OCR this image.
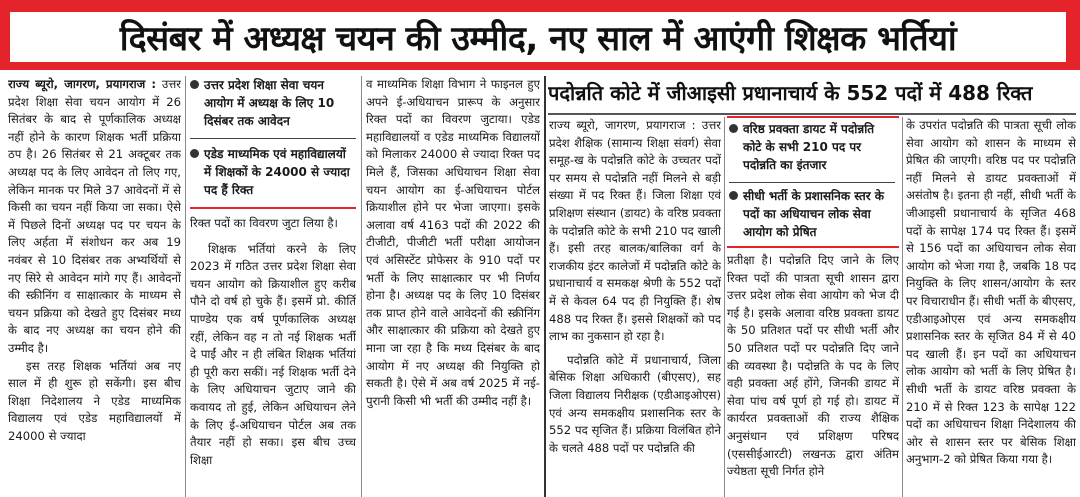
दिसंबर में अध्यक्ष चयन की उम्मीद, नए साल में आएंगी शिक्षक भर्तियां

राज्य ब्यूरो, जागरण, प्रयागराज : उत्तर प्रदेश शिक्षा सेवा चयन आयोग में 26 सितंबर के बाद से पूर्णकालिक अध्यक्ष नहीं होने के कारण शिक्षक भर्ती प्रक्रिया ठप है। 26 सितंबर से 21 अक्टूबर तक अध्यक्ष पद के लिए आवेदन तो लिए गए, लेकिन मानक पर मिले 37 आवेदनों में से किसी का चयन नहीं किया जा सका। ऐसे में पिछले दिनों अध्यक्ष पद पर चयन के लिए अर्हता में संशोधन कर अब 19 नवंबर से 10 दिसंबर तक अभ्यर्थियों से नए सिरे से आवेदन मांगे गए हैं। आवेदनों की स्क्रीनिंग व साक्षात्कार के माध्यम से चयन प्रक्रिया को देखते हुए दिसंबर मध्य के बाद नए अध्यक्ष का चयन होने की उम्मीद है।

इस तरह शिक्षक भर्तियां अब नए साल में ही शुरू हो सकेंगी। इस बीच शिक्षा निदेशालय ने एडेड माध्यमिक विद्यालय एवं एडेड महाविद्यालयों में 24000 से ज्यादा

उत्तर प्रदेश शिक्षा सेवा चयन आयोग में अध्यक्ष के लिए 10 दिसंबर तक आवेदन
एडेड माध्यमिक एवं महाविद्यालयों में शिक्षकों के 24000 से ज्यादा पद हैं रिक्त

रिक्त पदों का विवरण जुटा लिया है।

शिक्षक भर्तियां करने के लिए 2023 में गठित उत्तर प्रदेश शिक्षा सेवा चयन आयोग को क्रियाशील हुए करीब पौने दो वर्ष हो चुके हैं। इसमें प्रो. कीर्ति पाण्डेय एक वर्ष पूर्णकालिक अध्यक्ष रहीं, लेकिन वह न तो नई शिक्षक भर्ती दे पाईं और न ही लंबित शिक्षक भर्तियां ही पूरी करा सकीं। नई शिक्षक भर्ती देने के लिए अधियाचन जुटाए जाने की कवायद तो हुई, लेकिन अधियाचन लेने के लिए ई-अधियाचन पोर्टल अब तक तैयार नहीं हो सका। इस बीच उच्च शिक्षा

व माध्यमिक शिक्षा विभाग ने फाइनल हुए अपने ई-अधियाचन प्रारूप के अनुसार रिक्त पदों का विवरण जुटाया। एडेड महाविद्यालयों व एडेड माध्यमिक विद्यालयों को मिलाकर 24000 से ज्यादा रिक्त पद मिले हैं, जिसका अधियाचन शिक्षा सेवा चयन आयोग का ई-अधियाचन पोर्टल क्रियाशील होने पर भेजा जाएगा। इसके अलावा वर्ष 4163 पदों की 2022 की टीजीटी, पीजीटी भर्ती परीक्षा आयोजन एवं असिस्टेंट प्रोफेसर के 910 पदों पर भर्ती के लिए साक्षात्कार पर भी निर्णय होना है। अध्यक्ष पद के लिए 10 दिसंबर तक प्राप्त होने वाले आवेदनों की स्क्रीनिंग और साक्षात्कार की प्रक्रिया को देखते हुए माना जा रहा है कि मध्य दिसंबर के बाद आयोग में नए अध्यक्ष की नियुक्ति हो सकती है। ऐसे में अब वर्ष 2025 में नई-पुरानी किसी भी भर्ती की उम्मीद नहीं है।

पदोन्नति कोटे में जीआइसी प्रधानाचार्य के 552 पदों में 488 रिक्त

राज्य ब्यूरो, जागरण, प्रयागराज : उत्तर प्रदेश शैक्षिक (सामान्य शिक्षा संवर्ग) सेवा समूह-ख के पदोन्नति कोटे के उच्चतर पदों पर समय से पदोन्नति नहीं मिलने से बड़ी संख्या में पद रिक्त हैं। जिला शिक्षा एवं प्रशिक्षण संस्थान (डायट) के वरिष्ठ प्रवक्ता के पदोन्नति कोटे के सभी 210 पद खाली हैं। इसी तरह बालक/बालिका वर्ग के राजकीय इंटर कालेजों में पदोन्नति कोटे के प्रधानाचार्य व समकक्ष श्रेणी के 552 पदों में से केवल 64 पद ही नियुक्ति हैं। शेष 488 पद रिक्त हैं। इससे शिक्षकों को पद लाभ का नुकसान हो रहा है।

पदोन्नति कोटे में प्रधानाचार्य, जिला बेसिक शिक्षा अधिकारी (बीएसए), सह जिला विद्यालय निरीक्षक (एडीआइओएस) एवं अन्य समकक्षीय प्रशासनिक स्तर के 552 पद सृजित हैं। प्रक्रिया विलंबित होने के चलते 488 पदों पर पदोन्नति की

वरिष्ठ प्रवक्ता डायट में पदोन्नति कोटे के सभी 210 पद पर पदोन्नति का इंतजार
सीधी भर्ती के प्रशासनिक स्तर के पदों का अधियाचन लोक सेवा आयोग को प्रेषित

प्रतीक्षा है। पदोन्नति दिए जाने के लिए रिक्त पदों की पात्रता सूची शासन द्वारा उत्तर प्रदेश लोक सेवा आयोग को भेज दी गई है। इसके अलावा वरिष्ठ प्रवक्ता डायट के 50 प्रतिशत पदों पर सीधी भर्ती और 50 प्रतिशत पदों पर पदोन्नति दिए जाने की व्यवस्था है। पदोन्नति के पद के लिए वही प्रवक्ता अर्ह होंगे, जिनकी डायट में सेवा पांच वर्ष पूर्ण हो गई हो। डायट में कार्यरत प्रवक्ताओं की राज्य शैक्षिक अनुसंधान एवं प्रशिक्षण परिषद (एससीईआरटी) लखनऊ द्वारा अंतिम ज्येष्ठता सूची निर्गत होने

के उपरांत पदोन्नति की पात्रता सूची लोक सेवा आयोग को शासन के माध्यम से प्रेषित की जाएगी। वरिष्ठ पद पर पदोन्नति नहीं मिलने से डायट प्रवक्ताओं में असंतोष है। इतना ही नहीं, सीधी भर्ती के जीआइसी प्रधानाचार्य के सृजित 468 पदों के सापेक्ष 174 पद रिक्त हैं। इसमें से 156 पदों का अधियाचन लोक सेवा आयोग को भेजा गया है, जबकि 18 पद नियुक्ति के लिए शासन/आयोग के स्तर पर विचाराधीन हैं। सीधी भर्ती के बीएसए, एडीआइओएस एवं अन्य समकक्षीय प्रशासनिक स्तर के सृजित 84 में से 40 पद खाली हैं। इन पदों का अधियाचन लोक आयोग को भर्ती के लिए प्रेषित है। सीधी भर्ती के डायट वरिष्ठ प्रवक्ता के 210 में से रिक्त 123 के सापेक्ष 122 पदों का अधियाचन शिक्षा निदेशालय की ओर से शासन स्तर पर बेसिक शिक्षा अनुभाग-2 को प्रेषित किया गया है।
